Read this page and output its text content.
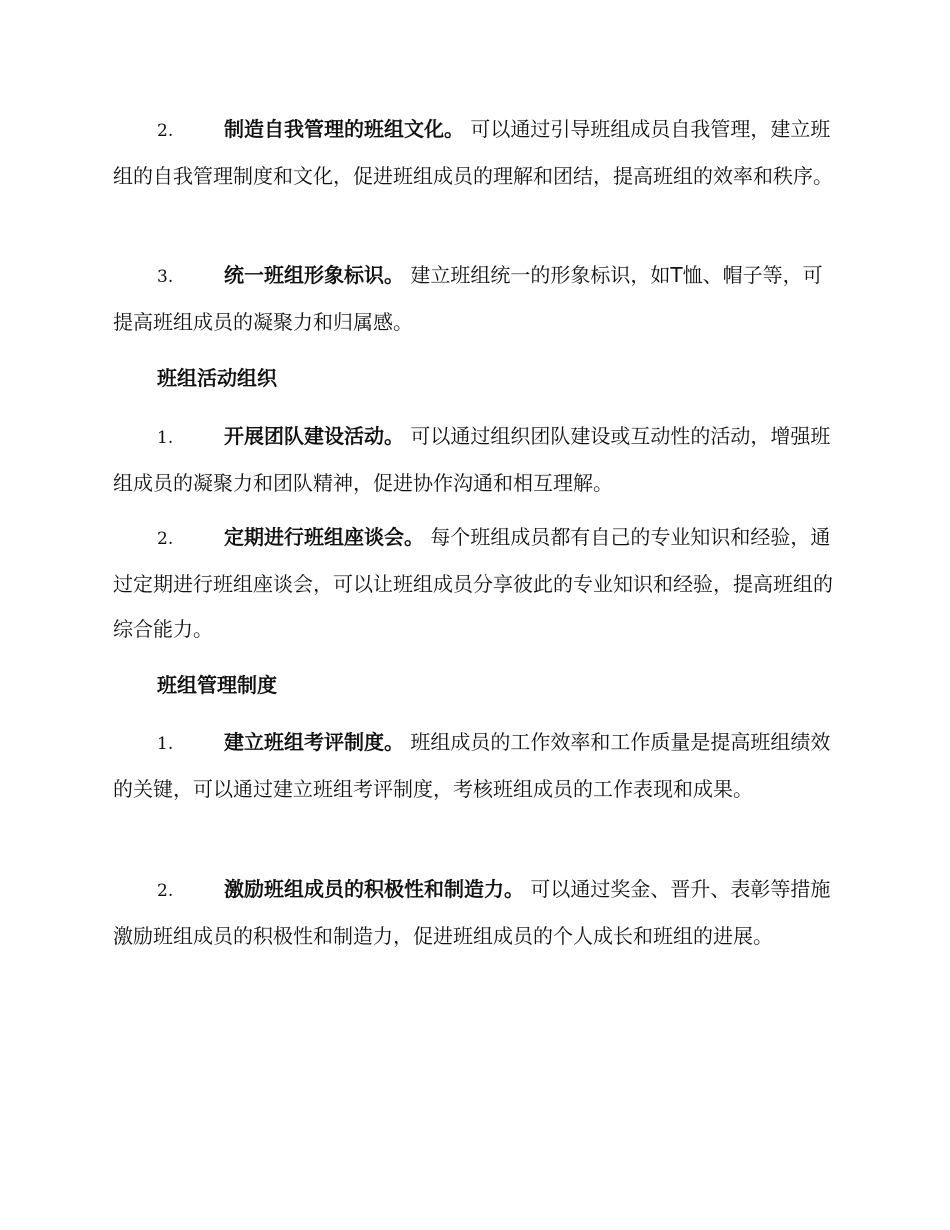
2.	制造自我管理的班组文化。 可以通过引导班组成员自我管理，建立班组的自我管理制度和文化，促进班组成员的理解和团结，提高班组的效率和秩序。

3.	统一班组形象标识。 建立班组统一的形象标识，如T恤、帽子等，可提高班组成员的凝聚力和归属感。

班组活动组织

1.	开展团队建设活动。 可以通过组织团队建设或互动性的活动，增强班组成员的凝聚力和团队精神，促进协作沟通和相互理解。

2.	定期进行班组座谈会。 每个班组成员都有自己的专业知识和经验，通过定期进行班组座谈会，可以让班组成员分享彼此的专业知识和经验，提高班组的综合能力。

班组管理制度

1.	建立班组考评制度。 班组成员的工作效率和工作质量是提高班组绩效的关键，可以通过建立班组考评制度，考核班组成员的工作表现和成果。

2.	激励班组成员的积极性和制造力。 可以通过奖金、晋升、表彰等措施激励班组成员的积极性和制造力，促进班组成员的个人成长和班组的进展。
